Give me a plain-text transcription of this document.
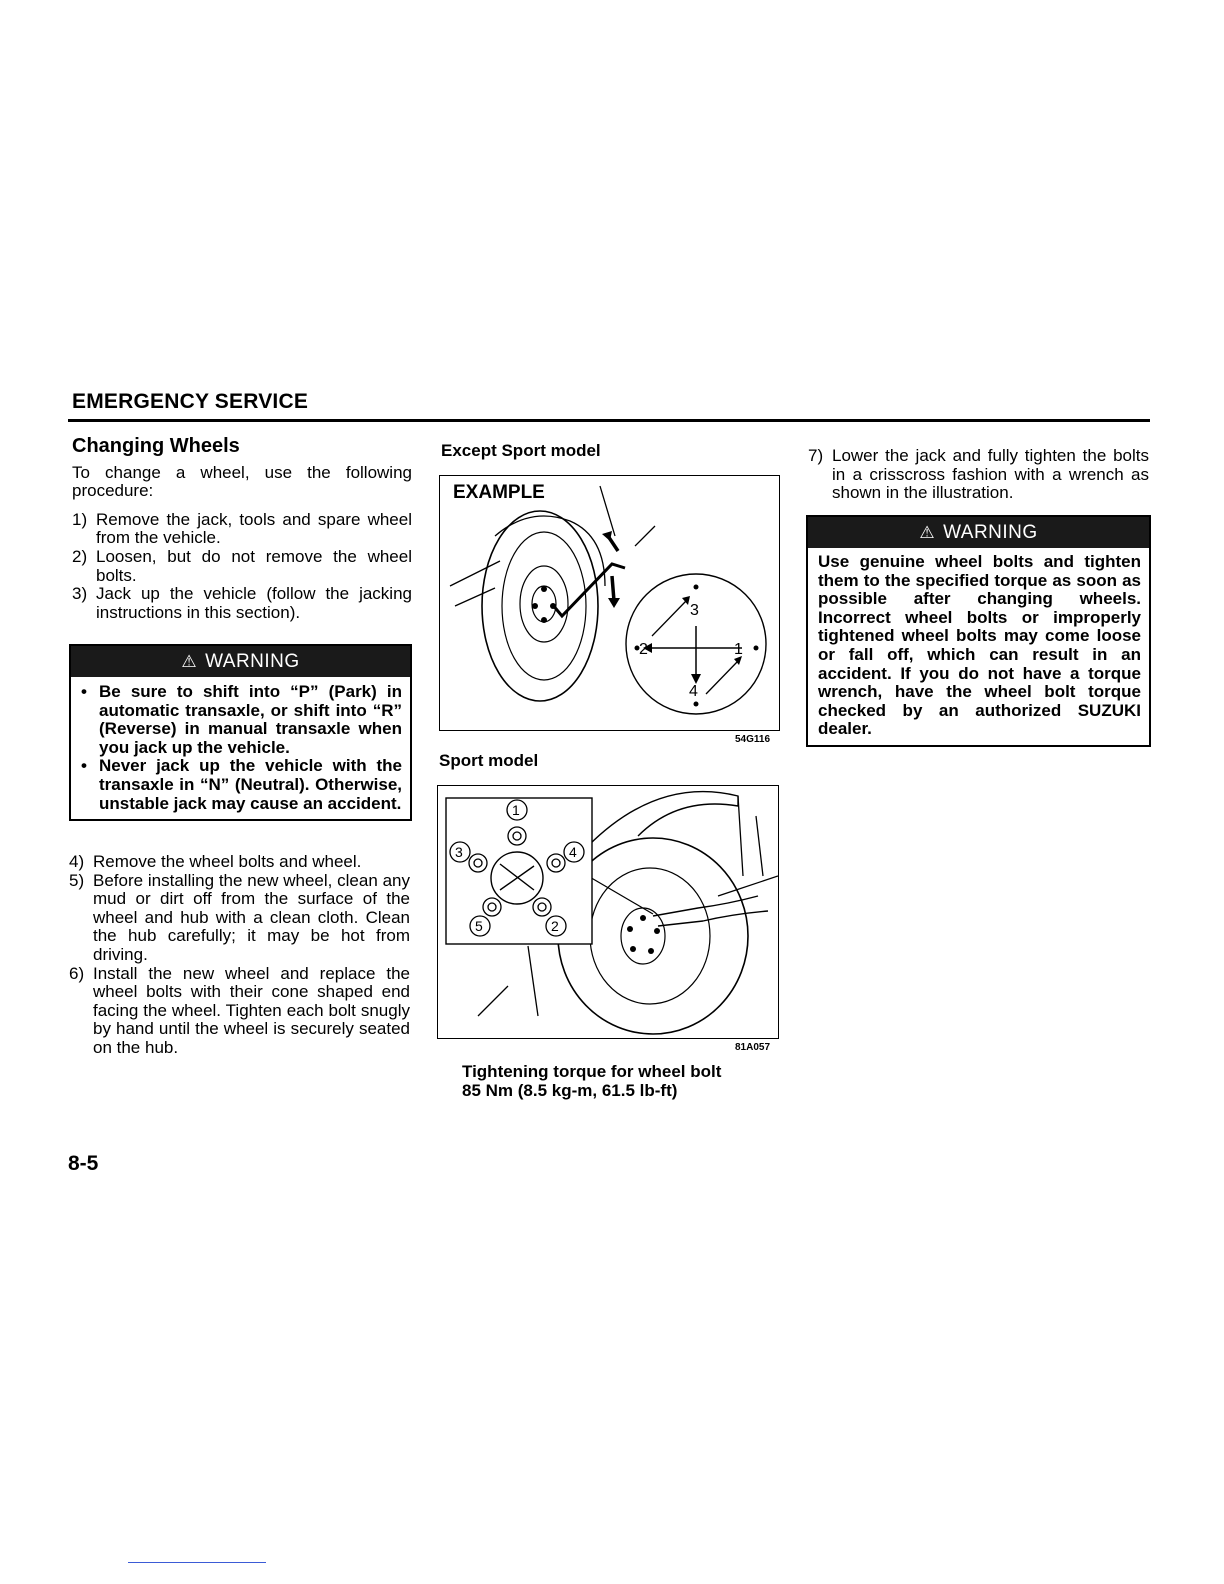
EMERGENCY SERVICE
Changing Wheels

To change a wheel, use the following procedure:

1) Remove the jack, tools and spare wheel from the vehicle.
2) Loosen, but do not remove the wheel bolts.
3) Jack up the vehicle (follow the jacking instructions in this section).
⚠ WARNING
• Be sure to shift into “P” (Park) in automatic transaxle, or shift into “R” (Reverse) in manual transaxle when you jack up the vehicle.
• Never jack up the vehicle with the transaxle in “N” (Neutral). Otherwise, unstable jack may cause an accident.
4) Remove the wheel bolts and wheel.
5) Before installing the new wheel, clean any mud or dirt off from the surface of the wheel and hub with a clean cloth. Clean the hub carefully; it may be hot from driving.
6) Install the new wheel and replace the wheel bolts with their cone shaped end facing the wheel. Tighten each bolt snugly by hand until the wheel is securely seated on the hub.
Except Sport model
EXAMPLE
3
2	1
4
54G116
Sport model
1
3	4
5	2
81A057
Tightening torque for wheel bolt
85 Nm (8.5 kg-m, 61.5 lb-ft)
7) Lower the jack and fully tighten the bolts in a crisscross fashion with a wrench as shown in the illustration.
⚠ WARNING
Use genuine wheel bolts and tighten them to the specified torque as soon as possible after changing wheels. Incorrect wheel bolts or improperly tightened wheel bolts may come loose or fall off, which can result in an accident. If you do not have a torque wrench, have the wheel bolt torque checked by an authorized SUZUKI dealer.
8-5
